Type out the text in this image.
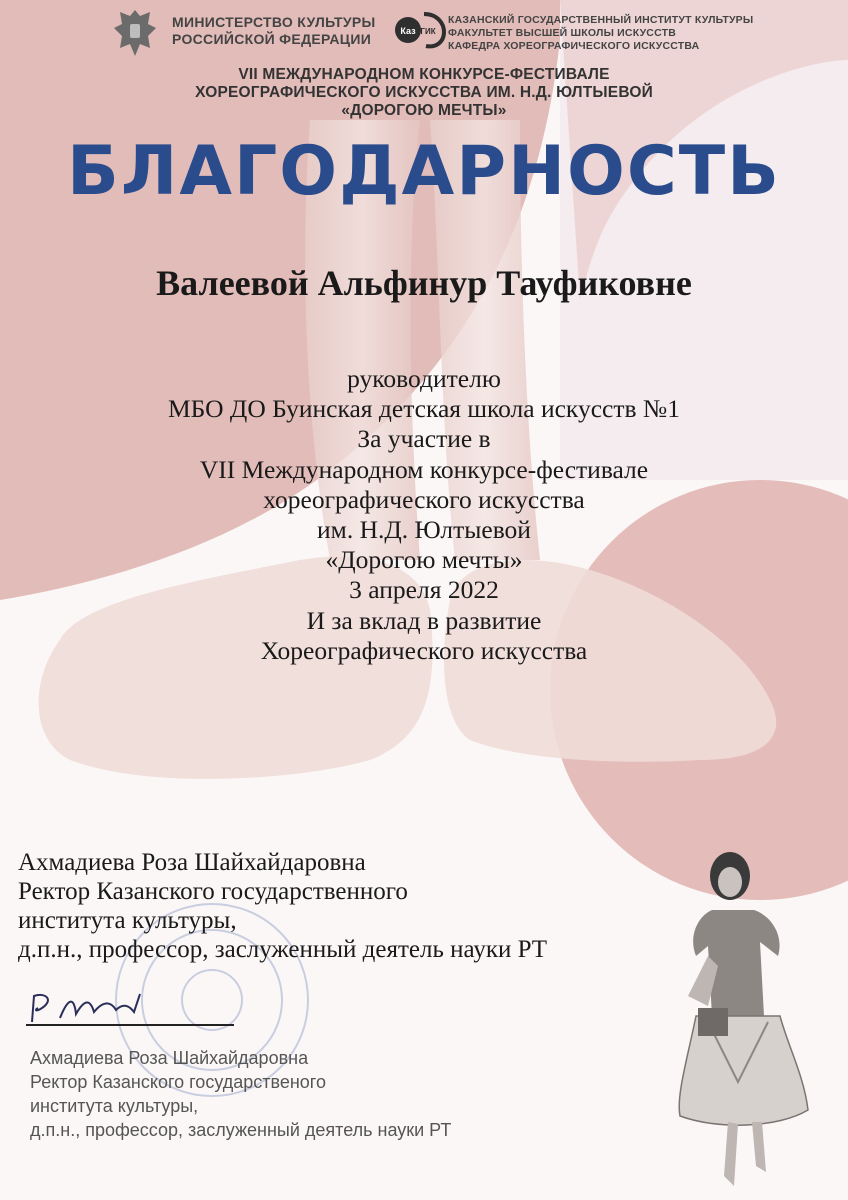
МИНИСТЕРСТВО КУЛЬТУРЫ
РОССИЙСКОЙ ФЕДЕРАЦИИ	Каз ГИК
КАЗАНСКИЙ ГОСУДАРСТВЕННЫЙ ИНСТИТУТ КУЛЬТУРЫ
ФАКУЛЬТЕТ ВЫСШЕЙ ШКОЛЫ ИСКУССТВ
КАФЕДРА ХОРЕОГРАФИЧЕСКОГО ИСКУССТВА
VII МЕЖДУНАРОДНОМ КОНКУРСЕ-ФЕСТИВАЛЕ
ХОРЕОГРАФИЧЕСКОГО ИСКУССТВА ИМ. Н.Д. ЮЛТЫЕВОЙ
«ДОРОГОЮ МЕЧТЫ»
БЛАГОДАРНОСТЬ
Валеевой Альфинур Тауфиковне
руководителю
МБО ДО Буинская детская школа искусств №1
За участие в
VII Международном конкурсе-фестивале
хореографического искусства
им. Н.Д. Юлтыевой
«Дорогою мечты»
3 апреля 2022
И за вклад в развитие
Хореографического искусства
Ахмадиева Роза Шайхайдаровна
Ректор Казанского государственного
института культуры,
д.п.н., профессор, заслуженный деятель науки РТ
Ахмадиева Роза Шайхайдаровна
Ректор Казанского государственого
института культуры,
д.п.н., профессор, заслуженный деятель науки РТ
